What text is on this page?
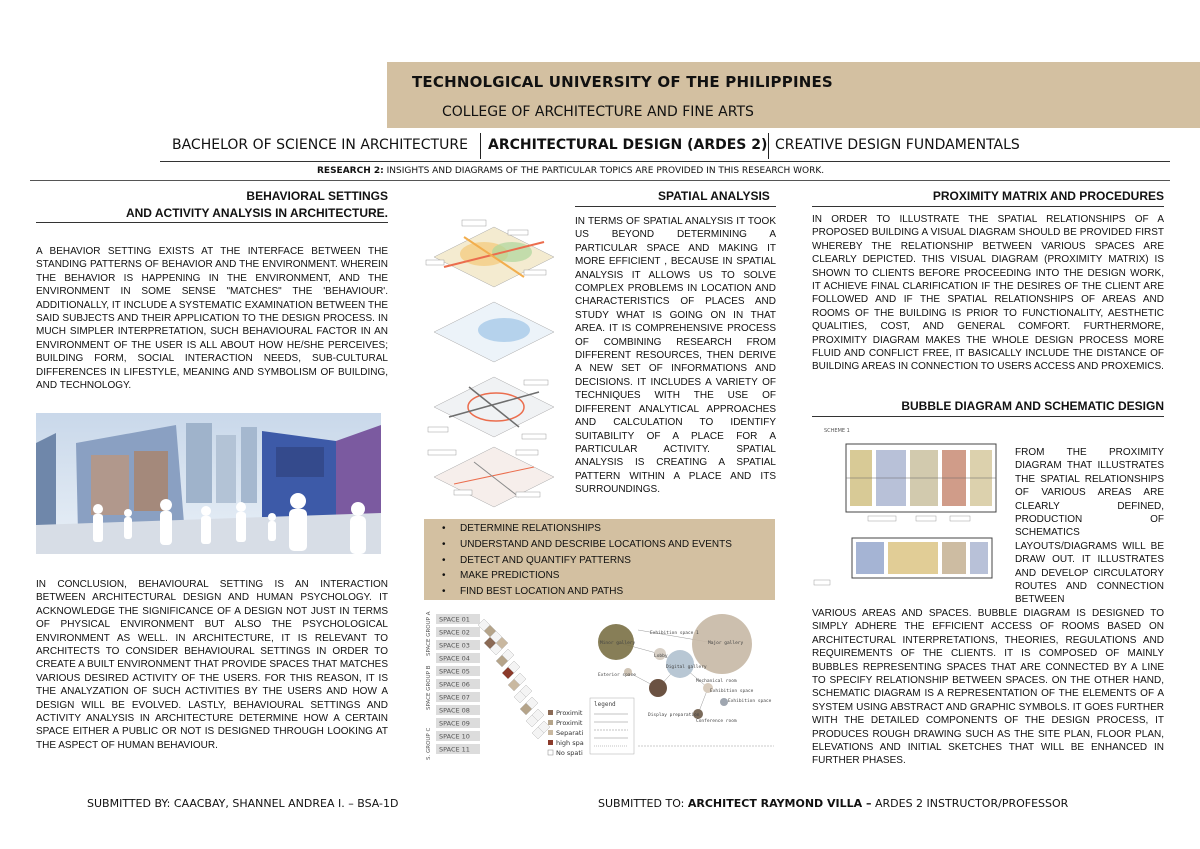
TECHNOLGICAL UNIVERSITY OF THE PHILIPPINES
COLLEGE OF ARCHITECTURE AND FINE ARTS
BACHELOR OF SCIENCE IN ARCHITECTURE ARCHITECTURAL DESIGN (ARDES 2) CREATIVE DESIGN FUNDAMENTALS
RESEARCH 2: INSIGHTS AND DIAGRAMS OF THE PARTICULAR TOPICS ARE PROVIDED IN THIS RESEARCH WORK.
BEHAVIORAL SETTINGS
AND ACTIVITY ANALYSIS IN ARCHITECTURE.
A BEHAVIOR SETTING EXISTS AT THE INTERFACE BETWEEN THE STANDING PATTERNS OF BEHAVIOR AND THE ENVIRONMENT. WHEREIN THE BEHAVIOR IS HAPPENING IN THE ENVIRONMENT, AND THE ENVIRONMENT IN SOME SENSE "MATCHES" THE 'BEHAVIOUR'. ADDITIONALLY, IT INCLUDE A SYSTEMATIC EXAMINATION BETWEEN THE SAID SUBJECTS AND THEIR APPLICATION TO THE DESIGN PROCESS. IN MUCH SIMPLER INTERPRETATION, SUCH BEHAVIOURAL FACTOR IN AN ENVIRONMENT OF THE USER IS ALL ABOUT HOW HE/SHE PERCEIVES; BUILDING FORM, SOCIAL INTERACTION NEEDS, SUB-CULTURAL DIFFERENCES IN LIFESTYLE, MEANING AND SYMBOLISM OF BUILDING, AND TECHNOLOGY.
IN CONCLUSION, BEHAVIOURAL SETTING IS AN INTERACTION BETWEEN ARCHITECTURAL DESIGN AND HUMAN PSYCHOLOGY. IT ACKNOWLEDGE THE SIGNIFICANCE OF A DESIGN NOT JUST IN TERMS OF PHYSICAL ENVIRONMENT BUT ALSO THE PSYCHOLOGICAL ENVIRONMENT AS WELL. IN ARCHITECTURE, IT IS RELEVANT TO ARCHITECTS TO CONSIDER BEHAVIOURAL SETTINGS IN ORDER TO CREATE A BUILT ENVIRONMENT THAT PROVIDE SPACES THAT MATCHES VARIOUS DESIRED ACTIVITY OF THE USERS. FOR THIS REASON, IT IS THE ANALYZATION OF SUCH ACTIVITIES BY THE USERS AND HOW A DESIGN WILL BE EVOLVED. LASTLY, BEHAVIOURAL SETTINGS AND ACTIVITY ANALYSIS IN ARCHITECTURE DETERMINE HOW A CERTAIN SPACE EITHER A PUBLIC OR NOT IS DESIGNED THROUGH LOOKING AT THE ASPECT OF HUMAN BEHAVIOUR.
SPATIAL ANALYSIS
IN TERMS OF SPATIAL ANALYSIS IT TOOK US BEYOND DETERMINING A PARTICULAR SPACE AND MAKING IT MORE EFFICIENT , BECAUSE IN SPATIAL ANALYSIS IT ALLOWS US TO SOLVE COMPLEX PROBLEMS IN LOCATION AND CHARACTERISTICS OF PLACES AND STUDY WHAT IS GOING ON IN THAT AREA. IT IS COMPREHENSIVE PROCESS OF COMBINING RESEARCH FROM DIFFERENT RESOURCES, THEN DERIVE A NEW SET OF INFORMATIONS AND DECISIONS. IT INCLUDES A VARIETY OF TECHNIQUES WITH THE USE OF DIFFERENT ANALYTICAL APPROACHES AND CALCULATION TO IDENTIFY SUITABILITY OF A PLACE FOR A PARTICULAR ACTIVITY. SPATIAL ANALYSIS IS CREATING A SPATIAL PATTERN WITHIN A PLACE AND ITS SURROUNDINGS.
• DETERMINE RELATIONSHIPS
• UNDERSTAND AND DESCRIBE LOCATIONS AND EVENTS
• DETECT AND QUANTIFY PATTERNS
• MAKE PREDICTIONS
• FIND BEST LOCATION AND PATHS
SPACE GROUP A
SPACE GROUP B
S. GROUP C
SPACE 01
SPACE 02
SPACE 03
SPACE 04
SPACE 05
SPACE 06
SPACE 07
SPACE 08
SPACE 09
SPACE 10
SPACE 11
Proximit
Proximit
Separati
high spa
No spati
Minor gallery	Major gallery
Exhibition space 1
Lobby
Digital gallery
Mechanical room
Exterior space
Display preparation
Conference room
Exhibition space
Exhibition space
legend
PROXIMITY MATRIX AND PROCEDURES
IN ORDER TO ILLUSTRATE THE SPATIAL RELATIONSHIPS OF A PROPOSED BUILDING A VISUAL DIAGRAM SHOULD BE PROVIDED FIRST WHEREBY THE RELATIONSHIP BETWEEN VARIOUS SPACES ARE CLEARLY DEPICTED. THIS VISUAL DIAGRAM (PROXIMITY MATRIX) IS SHOWN TO CLIENTS BEFORE PROCEEDING INTO THE DESIGN WORK, IT ACHIEVE FINAL CLARIFICATION IF THE DESIRES OF THE CLIENT ARE FOLLOWED AND IF THE SPATIAL RELATIONSHIPS OF AREAS AND ROOMS OF THE BUILDING IS PRIOR TO FUNCTIONALITY, AESTHETIC QUALITIES, COST, AND GENERAL COMFORT. FURTHERMORE, PROXIMITY DIAGRAM MAKES THE WHOLE DESIGN PROCESS MORE FLUID AND CONFLICT FREE, IT BASICALLY INCLUDE THE DISTANCE OF BUILDING AREAS IN CONNECTION TO USERS ACCESS AND PROXEMICS.
BUBBLE DIAGRAM AND SCHEMATIC DESIGN
SCHEME 1
FROM THE PROXIMITY DIAGRAM THAT ILLUSTRATES THE SPATIAL RELATIONSHIPS OF VARIOUS AREAS ARE CLEARLY DEFINED, PRODUCTION OF SCHEMATICS LAYOUTS/DIAGRAMS WILL BE DRAW OUT. IT ILLUSTRATES AND DEVELOP CIRCULATORY ROUTES AND CONNECTION BETWEEN
VARIOUS AREAS AND SPACES. BUBBLE DIAGRAM IS DESIGNED TO SIMPLY ADHERE THE EFFICIENT ACCESS OF ROOMS BASED ON ARCHITECTURAL INTERPRETATIONS, THEORIES, REGULATIONS AND REQUIREMENTS OF THE CLIENTS. IT IS COMPOSED OF MAINLY BUBBLES REPRESENTING SPACES THAT ARE CONNECTED BY A LINE TO SPECIFY RELATIONSHIP BETWEEN SPACES. ON THE OTHER HAND, SCHEMATIC DIAGRAM IS A REPRESENTATION OF THE ELEMENTS OF A SYSTEM USING ABSTRACT AND GRAPHIC SYMBOLS. IT GOES FURTHER WITH THE DETAILED COMPONENTS OF THE DESIGN PROCESS, IT PRODUCES ROUGH DRAWING SUCH AS THE SITE PLAN, FLOOR PLAN, ELEVATIONS AND INITIAL SKETCHES THAT WILL BE ENHANCED IN FURTHER PHASES.
SUBMITTED BY: CAACBAY, SHANNEL ANDREA I. – BSA-1D	SUBMITTED TO: ARCHITECT RAYMOND VILLA – ARDES 2 INSTRUCTOR/PROFESSOR
